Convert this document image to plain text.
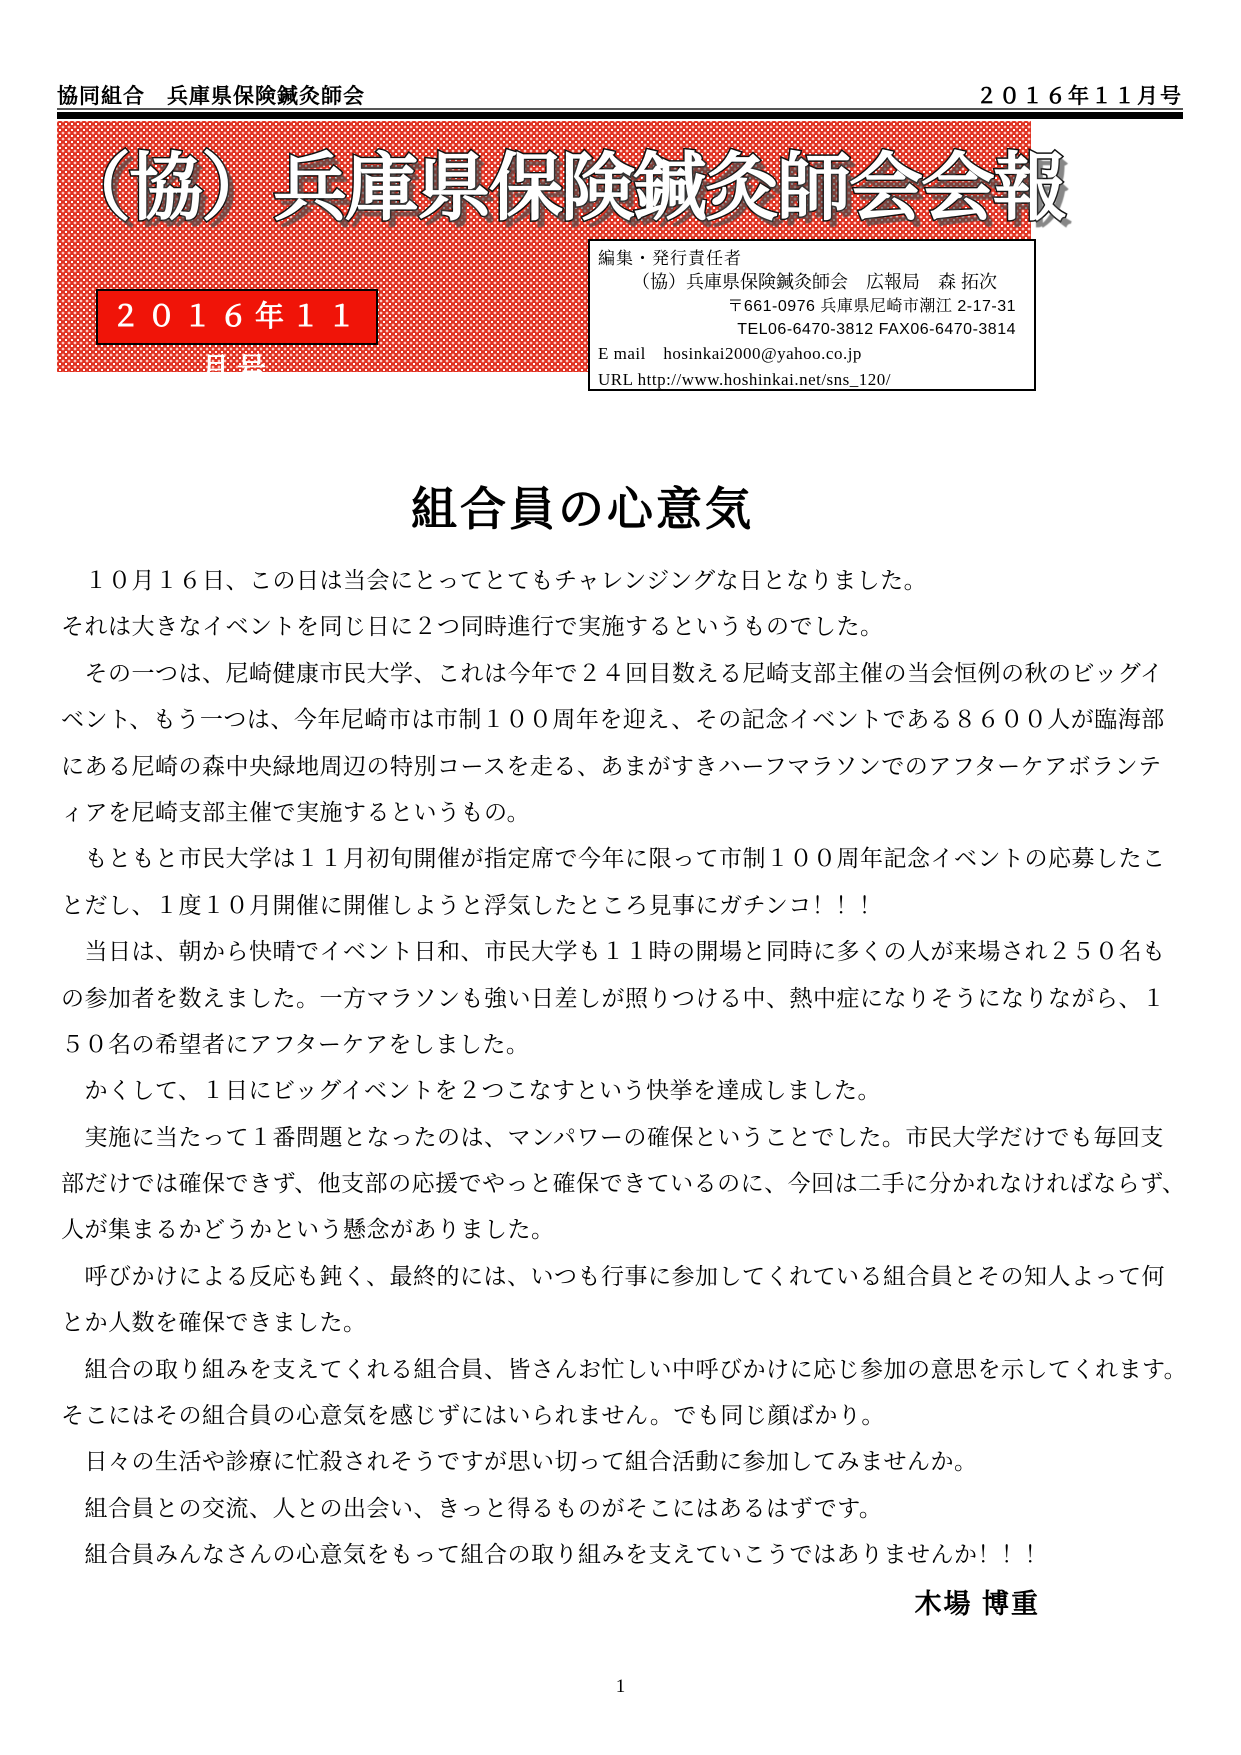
協同組合　兵庫県保険鍼灸師会	２０１６年１１月号
（協）兵庫県保険鍼灸師会会報
２０１６年１１月号
編集・発行責任者
（協）兵庫県保険鍼灸師会　広報局　森 拓次
〒661-0976 兵庫県尼崎市潮江 2-17-31
TEL06-6470-3812 FAX06-6470-3814
E mail　hosinkai2000@yahoo.co.jp
URL http://www.hoshinkai.net/sns_120/
組合員の心意気
　１０月１６日、この日は当会にとってとてもチャレンジングな日となりました。
それは大きなイベントを同じ日に２つ同時進行で実施するというものでした。
　その一つは、尼崎健康市民大学、これは今年で２４回目数える尼崎支部主催の当会恒例の秋のビッグイ
ベント、もう一つは、今年尼崎市は市制１００周年を迎え、その記念イベントである８６００人が臨海部
にある尼崎の森中央緑地周辺の特別コースを走る、あまがすきハーフマラソンでのアフターケアボランテ
ィアを尼崎支部主催で実施するというもの。
　もともと市民大学は１１月初旬開催が指定席で今年に限って市制１００周年記念イベントの応募したこ
とだし、１度１０月開催に開催しようと浮気したところ見事にガチンコ！！！
　当日は、朝から快晴でイベント日和、市民大学も１１時の開場と同時に多くの人が来場され２５０名も
の参加者を数えました。一方マラソンも強い日差しが照りつける中、熱中症になりそうになりながら、１
５０名の希望者にアフターケアをしました。
　かくして、１日にビッグイベントを２つこなすという快挙を達成しました。
　実施に当たって１番問題となったのは、マンパワーの確保ということでした。市民大学だけでも毎回支
部だけでは確保できず、他支部の応援でやっと確保できているのに、今回は二手に分かれなければならず、
人が集まるかどうかという懸念がありました。
　呼びかけによる反応も鈍く、最終的には、いつも行事に参加してくれている組合員とその知人よって何
とか人数を確保できました。
　組合の取り組みを支えてくれる組合員、皆さんお忙しい中呼びかけに応じ参加の意思を示してくれます。
そこにはその組合員の心意気を感じずにはいられません。でも同じ顔ばかり。
　日々の生活や診療に忙殺されそうですが思い切って組合活動に参加してみませんか。
　組合員との交流、人との出会い、きっと得るものがそこにはあるはずです。
　組合員みんなさんの心意気をもって組合の取り組みを支えていこうではありませんか！！！
木場 博重
1
